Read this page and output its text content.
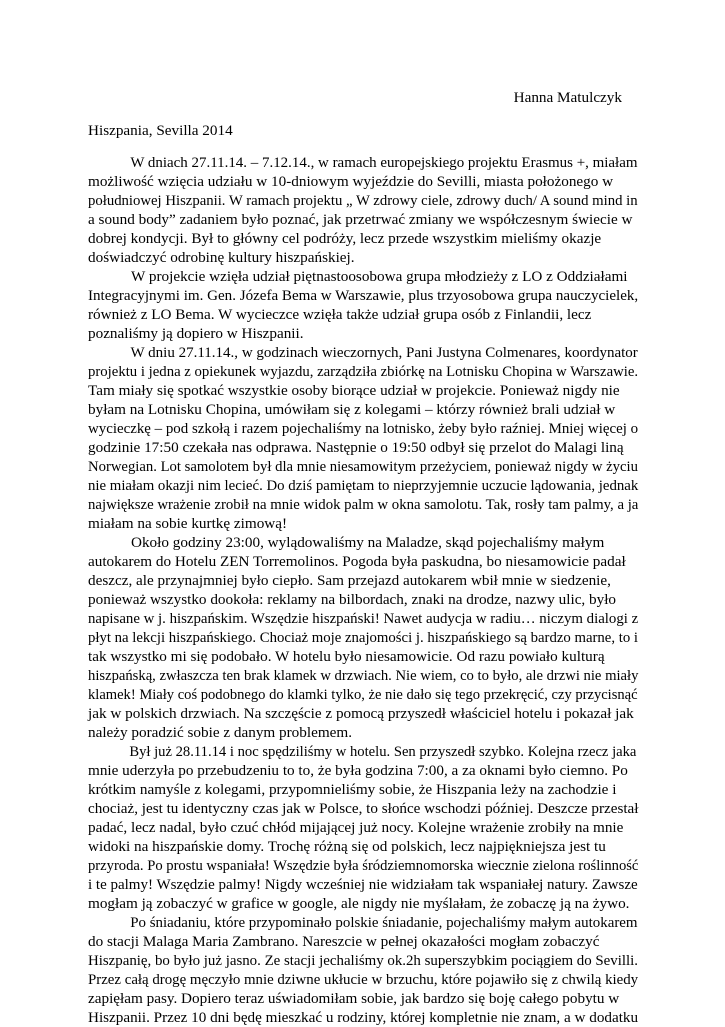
Hanna Matulczyk
Hiszpania, Sevilla 2014
W dniach 27.11.14. – 7.12.14., w ramach europejskiego projektu Erasmus +, miałam
możliwość wzięcia udziału w 10-dniowym wyjeździe do Sevilli, miasta położonego w
południowej Hiszpanii. W ramach projektu „ W zdrowy ciele, zdrowy duch/ A sound mind in
a sound body” zadaniem było poznać, jak przetrwać zmiany we współczesnym świecie w
dobrej kondycji. Był to główny cel podróży, lecz przede wszystkim mieliśmy okazje
doświadczyć odrobinę kultury hiszpańskiej.
W projekcie wzięła udział piętnastoosobowa grupa młodzieży z LO z Oddziałami
Integracyjnymi im. Gen. Józefa Bema w Warszawie, plus trzyosobowa grupa nauczycielek,
również z LO Bema. W wycieczce wzięła także udział grupa osób z Finlandii, lecz
poznaliśmy ją dopiero w Hiszpanii.
W dniu 27.11.14., w godzinach wieczornych, Pani Justyna Colmenares, koordynator
projektu i jedna z opiekunek wyjazdu, zarządziła zbiórkę na Lotnisku Chopina w Warszawie.
Tam miały się spotkać wszystkie osoby biorące udział w projekcie. Ponieważ nigdy nie
byłam na Lotnisku Chopina, umówiłam się z kolegami – którzy również brali udział w
wycieczkę – pod szkołą i razem pojechaliśmy na lotnisko, żeby było raźniej. Mniej więcej o
godzinie 17:50 czekała nas odprawa. Następnie o 19:50 odbył się przelot do Malagi liną
Norwegian. Lot samolotem był dla mnie niesamowitym przeżyciem, ponieważ nigdy w życiu
nie miałam okazji nim lecieć. Do dziś pamiętam to nieprzyjemnie uczucie lądowania, jednak
największe wrażenie zrobił na mnie widok palm w okna samolotu. Tak, rosły tam palmy, a ja
miałam na sobie kurtkę zimową!
Około godziny 23:00, wylądowaliśmy na Maladze, skąd pojechaliśmy małym
autokarem do Hotelu ZEN Torremolinos. Pogoda była paskudna, bo niesamowicie padał
deszcz, ale przynajmniej było ciepło. Sam przejazd autokarem wbił mnie w siedzenie,
ponieważ wszystko dookoła: reklamy na bilbordach, znaki na drodze, nazwy ulic, było
napisane w j. hiszpańskim. Wszędzie hiszpański! Nawet audycja w radiu… niczym dialogi z
płyt na lekcji hiszpańskiego. Chociaż moje znajomości j. hiszpańskiego są bardzo marne, to i
tak wszystko mi się podobało. W hotelu było niesamowicie. Od razu powiało kulturą
hiszpańską, zwłaszcza ten brak klamek w drzwiach. Nie wiem, co to było, ale drzwi nie miały
klamek! Miały coś podobnego do klamki tylko, że nie dało się tego przekręcić, czy przycisnąć
jak w polskich drzwiach. Na szczęście z pomocą przyszedł właściciel hotelu i pokazał jak
należy poradzić sobie z danym problemem.
Był już 28.11.14 i noc spędziliśmy w hotelu. Sen przyszedł szybko. Kolejna rzecz jaka
mnie uderzyła po przebudzeniu to to, że była godzina 7:00, a za oknami było ciemno. Po
krótkim namyśle z kolegami, przypomnieliśmy sobie, że Hiszpania leży na zachodzie i
chociaż, jest tu identyczny czas jak w Polsce, to słońce wschodzi później. Deszcze przestał
padać, lecz nadal, było czuć chłód mijającej już nocy. Kolejne wrażenie zrobiły na mnie
widoki na hiszpańskie domy. Trochę różną się od polskich, lecz najpiękniejsza jest tu
przyroda. Po prostu wspaniała! Wszędzie była śródziemnomorska wiecznie zielona roślinność
i te palmy! Wszędzie palmy! Nigdy wcześniej nie widziałam tak wspaniałej natury. Zawsze
mogłam ją zobaczyć w grafice w google, ale nigdy nie myślałam, że zobaczę ją na żywo.
Po śniadaniu, które przypominało polskie śniadanie, pojechaliśmy małym autokarem
do stacji Malaga Maria Zambrano. Nareszcie w pełnej okazałości mogłam zobaczyć
Hiszpanię, bo było już jasno. Ze stacji jechaliśmy ok.2h superszybkim pociągiem do Sevilli.
Przez całą drogę męczyło mnie dziwne ukłucie w brzuchu, które pojawiło się z chwilą kiedy
zapięłam pasy. Dopiero teraz uświadomiłam sobie, jak bardzo się boję całego pobytu w
Hiszpanii. Przez 10 dni będę mieszkać u rodziny, której kompletnie nie znam, a w dodatku
